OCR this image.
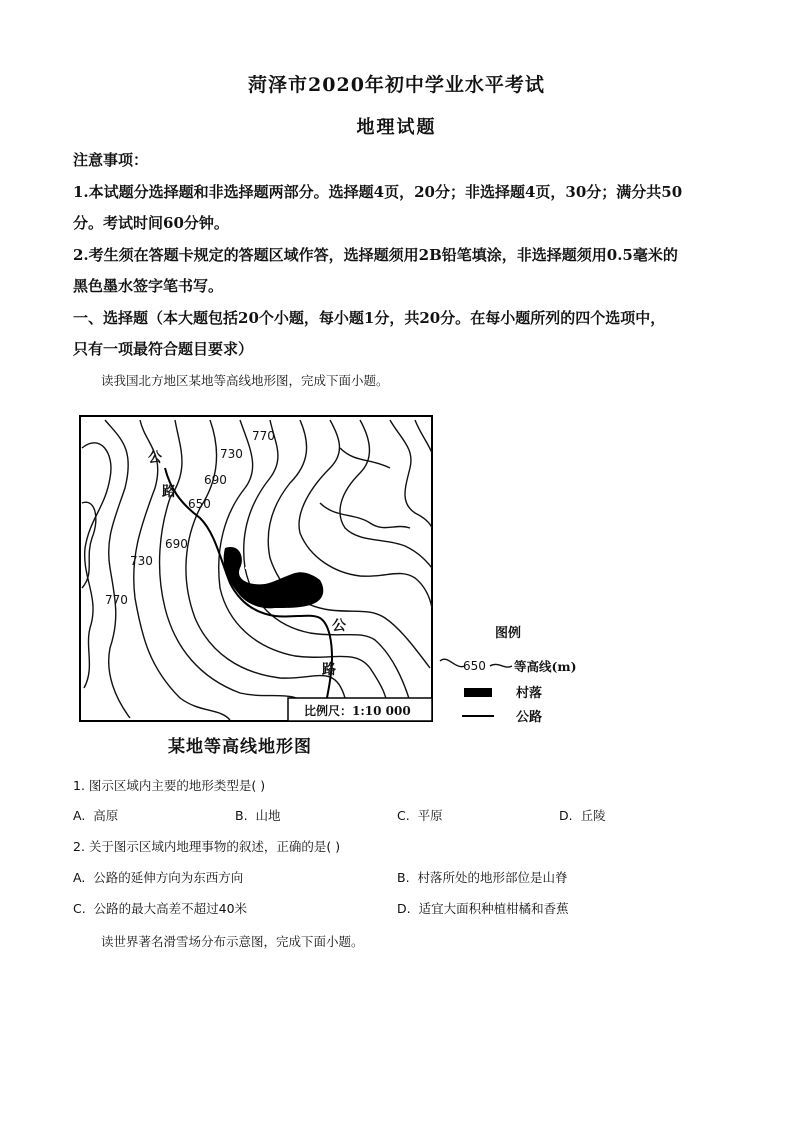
菏泽市2020年初中学业水平考试
地理试题
注意事项：
1.本试题分选择题和非选择题两部分。选择题4页，20分；非选择题4页，30分；满分共50
分。考试时间60分钟。
2.考生须在答题卡规定的答题区域作答，选择题须用2B铅笔填涂，非选择题须用0.5毫米的
黑色墨水签字笔书写。
一、选择题（本大题包括20个小题，每小题1分，共20分。在每小题所列的四个选项中，
只有一项最符合题目要求）
读我国北方地区某地等高线地形图，完成下面小题。
770
730
690
650
690
730
770
公
路
公
路
比例尺：1:10 000
某地等高线地形图
图例
650 等高线(m)
村落
公路
1. 图示区域内主要的地形类型是( )
A. 高原	B. 山地	C. 平原	D. 丘陵
2. 关于图示区域内地理事物的叙述，正确的是( )
A. 公路的延伸方向为东西方向	B. 村落所处的地形部位是山脊
C. 公路的最大高差不超过40米	D. 适宜大面积种植柑橘和香蕉
读世界著名滑雪场分布示意图，完成下面小题。
